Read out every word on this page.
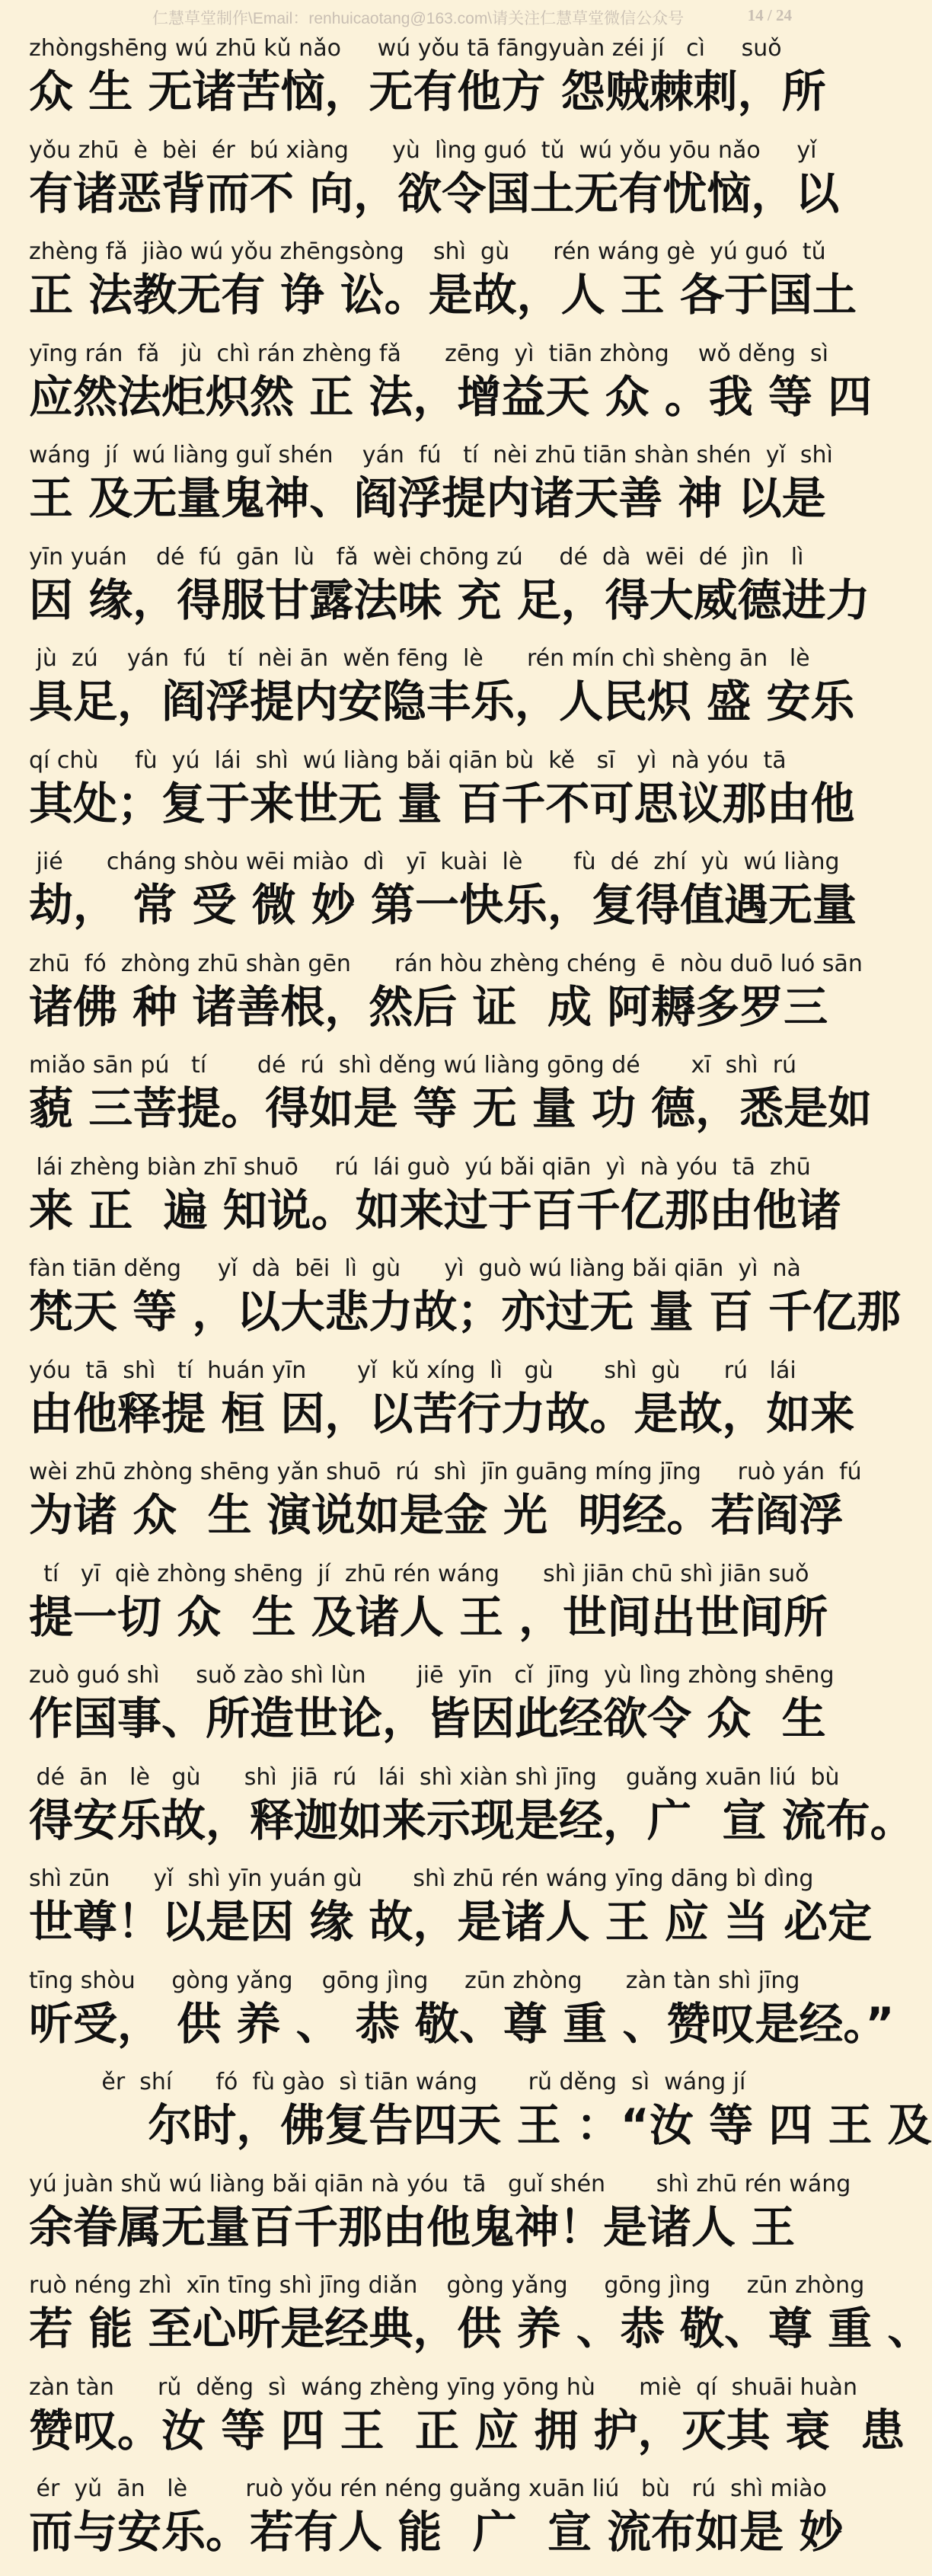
仁慧草堂制作\Email：renhuicaotang@163.com\请关注仁慧草堂微信公众号	14 / 24
zhòngshēng wú zhū kǔ nǎo     wú yǒu tā fāngyuàn zéi jí   cì     suǒ
众 生 无诸苦恼，无有他方 怨贼棘刺，所
yǒu zhū  è  bèi  ér  bú xiàng      yù  lìng guó  tǔ  wú yǒu yōu nǎo     yǐ
有诸恶背而不 向，欲令国土无有忧恼，以
zhèng fǎ  jiào wú yǒu zhēngsòng    shì  gù      rén wáng gè  yú guó  tǔ
正 法教无有 诤 讼。是故，人 王 各于国土
yīng rán  fǎ   jù  chì rán zhèng fǎ      zēng  yì  tiān zhòng    wǒ děng  sì
应然法炬炽然 正 法，增益天 众 。我 等 四
wáng  jí  wú liàng guǐ shén    yán  fú   tí  nèi zhū tiān shàn shén  yǐ  shì
王 及无量鬼神、阎浮提内诸天善 神 以是
yīn yuán    dé  fú  gān  lù   fǎ  wèi chōng zú     dé  dà  wēi  dé  jìn   lì
因 缘，得服甘露法味 充 足，得大威德进力
jù  zú    yán  fú   tí  nèi ān  wěn fēng  lè      rén mín chì shèng ān   lè
具足，阎浮提内安隐丰乐，人民炽 盛 安乐
qí chù     fù  yú  lái  shì  wú liàng bǎi qiān bù  kě   sī   yì  nà yóu  tā
其处；复于来世无 量 百千不可思议那由他
jié      cháng shòu wēi miào  dì   yī  kuài  lè       fù  dé  zhí  yù  wú liàng
劫， 常 受 微 妙 第一快乐，复得值遇无量
zhū  fó  zhòng zhū shàn gēn      rán hòu zhèng chéng  ē  nòu duō luó sān
诸佛 种 诸善根，然后 证  成 阿耨多罗三
miǎo sān pú   tí       dé  rú  shì děng wú liàng gōng dé       xī  shì  rú
藐 三菩提。得如是 等 无 量 功 德，悉是如
lái zhèng biàn zhī shuō     rú  lái guò  yú bǎi qiān  yì  nà yóu  tā  zhū
来 正  遍 知说。如来过于百千亿那由他诸
fàn tiān děng     yǐ  dà  bēi  lì  gù      yì  guò wú liàng bǎi qiān  yì  nà
梵天 等 ，以大悲力故；亦过无 量 百 千亿那
yóu  tā  shì   tí  huán yīn       yǐ  kǔ xíng  lì   gù       shì  gù      rú   lái
由他释提 桓 因，以苦行力故。是故，如来
wèi zhū zhòng shēng yǎn shuō  rú  shì  jīn guāng míng jīng     ruò yán  fú
为诸 众  生 演说如是金 光  明经。若阎浮
tí   yī  qiè zhòng shēng  jí  zhū rén wáng      shì jiān chū shì jiān suǒ
提一切 众  生 及诸人 王 ，世间出世间所
zuò guó shì     suǒ zào shì lùn       jiē  yīn   cǐ  jīng  yù lìng zhòng shēng
作国事、所造世论，皆因此经欲令 众  生
dé  ān   lè   gù      shì  jiā  rú   lái  shì xiàn shì jīng    guǎng xuān liú  bù
得安乐故，释迦如来示现是经，广  宣 流布。
shì zūn      yǐ  shì yīn yuán gù       shì zhū rén wáng yīng dāng bì dìng
世尊！以是因 缘 故，是诸人 王 应 当 必定
tīng shòu     gòng yǎng    gōng jìng     zūn zhòng      zàn tàn shì jīng
听受， 供 养 、 恭 敬、尊 重 、赞叹是经。”
ěr  shí      fó  fù gào  sì tiān wáng       rǔ děng  sì  wáng jí
尔时，佛复告四天 王 ：“汝 等 四 王 及
yú juàn shǔ wú liàng bǎi qiān nà yóu  tā   guǐ shén       shì zhū rén wáng
余眷属无量百千那由他鬼神！是诸人 王
ruò néng zhì  xīn tīng shì jīng diǎn    gòng yǎng     gōng jìng     zūn zhòng
若 能 至心听是经典，供 养 、恭 敬、尊 重 、
zàn tàn      rǔ  děng  sì  wáng zhèng yīng yōng hù      miè  qí  shuāi huàn
赞叹。汝 等 四 王  正 应 拥 护，灭其 衰  患
ér  yǔ  ān   lè        ruò yǒu rén néng guǎng xuān liú   bù   rú  shì miào
而与安乐。若有人 能  广  宣 流布如是 妙
